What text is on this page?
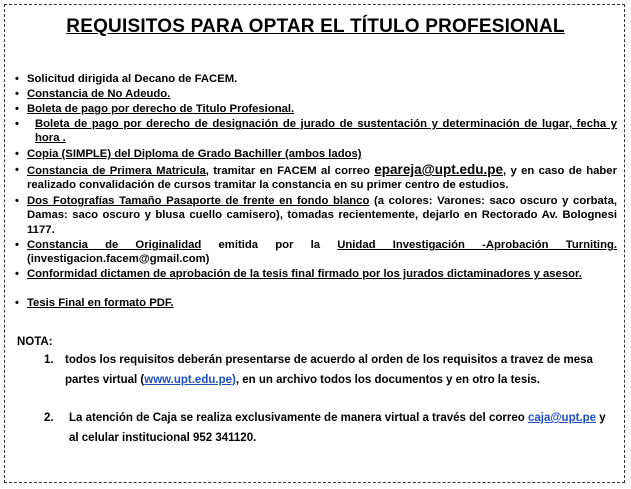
REQUISITOS PARA OPTAR EL TÍTULO PROFESIONAL
• Solicitud dirigida al Decano de FACEM.
• Constancia de No Adeudo.
• Boleta de pago por derecho de Titulo Profesional.
•	Boleta de pago por derecho de designación de jurado de sustentación y determinación de lugar, fecha y hora .
• Copia (SIMPLE) del Diploma de Grado Bachiller (ambos lados)
• Constancia de Primera Matricula, tramitar en FACEM al correo epareja@upt.edu.pe, y en caso de haber realizado convalidación de cursos tramitar la constancia en su primer centro de estudios.
• Dos Fotografías Tamaño Pasaporte de frente en fondo blanco (a colores: Varones: saco oscuro y corbata, Damas: saco oscuro y blusa cuello camisero), tomadas recientemente, dejarlo en Rectorado Av. Bolognesi 1177.
• Constancia de Originalidad emitida por la Unidad Investigación -Aprobación Turniting. (investigacion.facem@gmail.com)
• Conformidad dictamen de aprobación de la tesis final firmado por los jurados dictaminadores y asesor.
• Tesis Final en formato PDF.
NOTA:
1. todos los requisitos deberán presentarse de acuerdo al orden de los requisitos a travez de mesa partes virtual (www.upt.edu.pe), en un archivo todos los documentos y en otro la tesis.
2.	La atención de Caja se realiza exclusivamente de manera virtual a través del correo caja@upt.pe y al celular institucional 952 341120.
